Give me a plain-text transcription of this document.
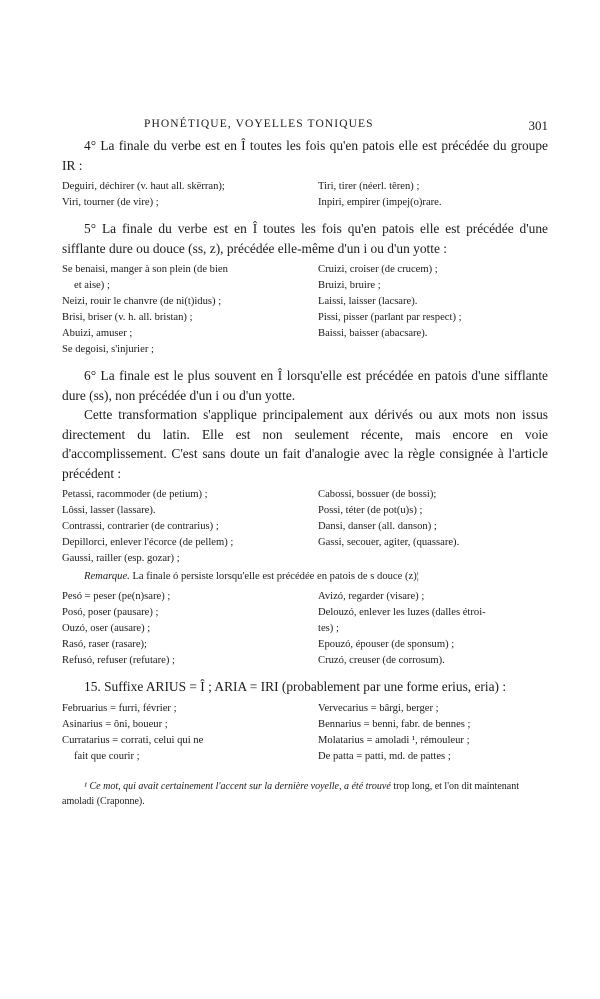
PHONÉTIQUE, VOYELLES TONIQUES	301

4° La finale du verbe est en Î toutes les fois qu'en patois elle est précédée du groupe IR :

Deguiri, déchirer (v. haut all. skërran);	Tiri, tirer (néerl. têren) ;
Viri, tourner (de vire) ;	Inpiri, empirer (impej(o)rare.

5° La finale du verbe est en Î toutes les fois qu'en patois elle est précédée d'une sifflante dure ou douce (ss, z), précédée elle-même d'un i ou d'un yotte :

Se benaisi, manger à son plein (de bien	Cruizi, croiser (de crucem) ;
et aise) ;	Bruizi, bruire ;
Neizi, rouir le chanvre (de ni(t)idus) ;	Laissi, laisser (lacsare).
Brisi, briser (v. h. all. bristan) ;	Pissi, pisser (parlant par respect) ;
Abuizi, amuser ;	Baissi, baisser (abacsare).
Se degoisi, s'injurier ;

6° La finale est le plus souvent en Î lorsqu'elle est précédée en patois d'une sifflante dure (ss), non précédée d'un i ou d'un yotte.

Cette transformation s'applique principalement aux dérivés ou aux mots non issus directement du latin. Elle est non seulement récente, mais encore en voie d'accomplissement. C'est sans doute un fait d'analogie avec la règle consignée à l'article précédent :

Petassi, racommoder (de petium) ;	Cabossi, bossuer (de bossi);
Lôssi, lasser (lassare).	Possi, téter (de pot(u)s) ;
Contrassi, contrarier (de contrarius) ;	Dansi, danser (all. danson) ;
Depillorci, enlever l'écorce (de pellem) ;	Gassi, secouer, agiter, (quassare).
Gaussi, railler (esp. gozar) ;

Remarque. La finale ó persiste lorsqu'elle est précédée en patois de s douce (z)¦

Pesó = peser (pe(n)sare) ;	Avizó, regarder (visare) ;
Posó, poser (pausare) ;	Delouzó, enlever les luzes (dalles étroi-
Ouzó, oser (ausare) ;	tes) ;
Rasó, raser (rasare);	Epouzó, épouser (de sponsum) ;
Refusó, refuser (refutare) ;	Cruzó, creuser (de corrosum).

15. Suffixe ARIUS = Î ; ARIA = IRI (probablement par une forme erius, eria) :

Februarius = furri, février ;	Vervecarius = bârgi, berger ;
Asinarius = ôni, boueur ;	Bennarius = benni, fabr. de bennes ;
Curratarius = corrati, celui qui ne	Molatarius = amoladi ¹, rémouleur ;
fait que courir ;	De patta = patti, md. de pattes ;

¹ Ce mot, qui avait certainement l'accent sur la dernière voyelle, a été trouvé trop long, et l'on dit maintenant amoladi (Craponne).
